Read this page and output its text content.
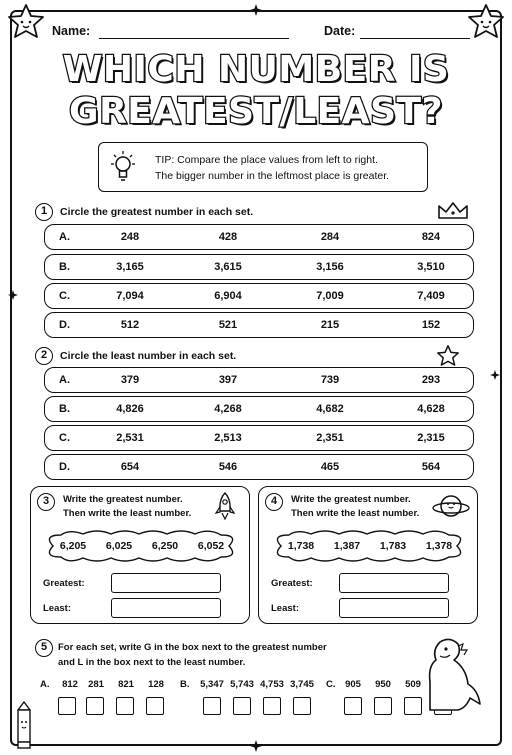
Name:	Date:
WHICH NUMBER IS
GREATEST/LEAST?
TIP: Compare the place values from left to right.
The bigger number in the leftmost place is greater.
1	Circle the greatest number in each set.
A.	248	428	284	824
B.	3,165	3,615	3,156	3,510
C.	7,094	6,904	7,009	7,409
D.	512	521	215	152
2	Circle the least number in each set.
A.	379	397	739	293
B.	4,826	4,268	4,682	4,628
C.	2,531	2,513	2,351	2,315
D.	654	546	465	564
3	Write the greatest number.
Then write the least number.
6,205	6,025	6,250	6,052
Greatest:
Least:
4	Write the greatest number.
Then write the least number.
1,738	1,387	1,783	1,378
Greatest:
Least:
5	For each set, write G in the box next to the greatest number
and L in the box next to the least number.
A.	812	281	821	128	B.	5,347 5,743 4,753 3,745	C.	905	950	509
